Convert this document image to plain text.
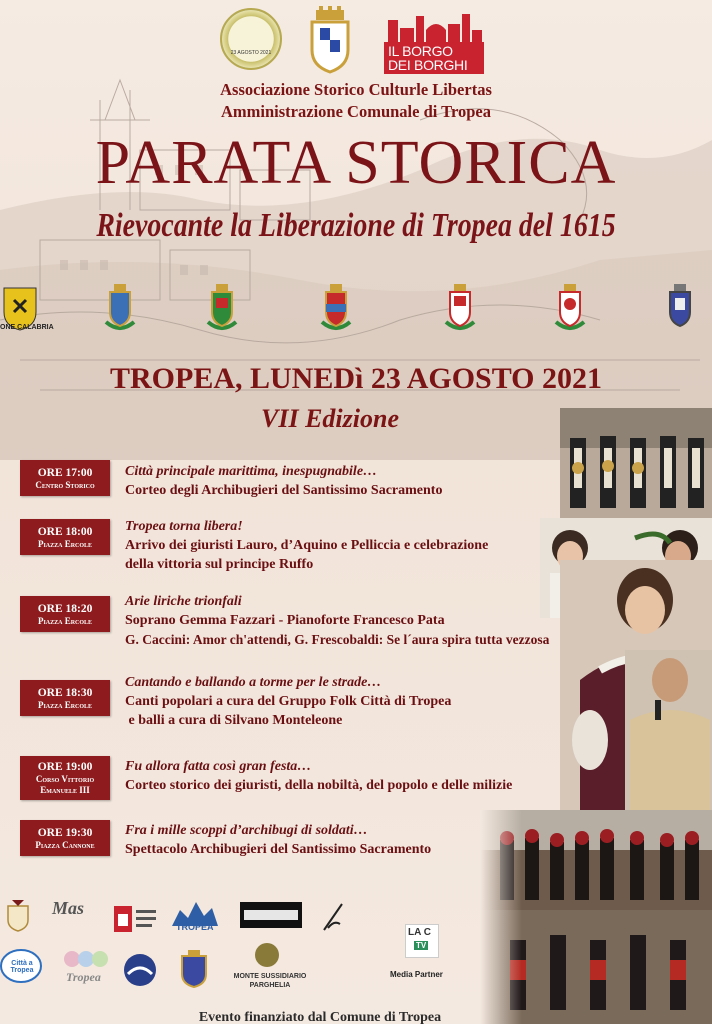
23 AGOSTO 2021	IL BORGO
DEI BORGHI
Associazione Storico Culturle Libertas
Amministrazione Comunale di Tropea
PARATA STORICA
Rievocante la Liberazione di Tropea del 1615
ONE CALABRIA
TROPEA, LUNEDì 23 AGOSTO 2021
VII Edizione
ORE 17:00
Centro Storico
Città principale marittima, inespugnabile…
Corteo degli Archibugieri del Santissimo Sacramento
ORE 18:00
Piazza Ercole
Tropea torna libera!
Arrivo dei giuristi Lauro, d’Aquino e Pelliccia e celebrazione
della vittoria sul principe Ruffo
ORE 18:20
Piazza Ercole
Arie liriche trionfali
Soprano Gemma Fazzari - Pianoforte Francesco Pata
G. Caccini: Amor ch'attendi, G. Frescobaldi: Se l´aura spira tutta vezzosa
ORE 18:30
Piazza Ercole
Cantando e ballando a torme per le strade…
Canti popolari a cura del Gruppo Folk Città di Tropea
e balli a cura di Silvano Monteleone
ORE 19:00
Corso Vittorio
Emanuele III
Fu allora fatta così gran festa…
Corteo storico dei giuristi, della nobiltà, del popolo e delle milizie
ORE 19:30
Piazza Cannone
Fra i mille scoppi d’archibugi di soldati…
Spettacolo Archibugieri del Santissimo Sacramento
Mas
TROPEA
Città a Tropea	Tropea	MONTE SUSSIDIARIO
PARGHELIA
LA C
TV
Media Partner
Evento finanziato dal Comune di Tropea
